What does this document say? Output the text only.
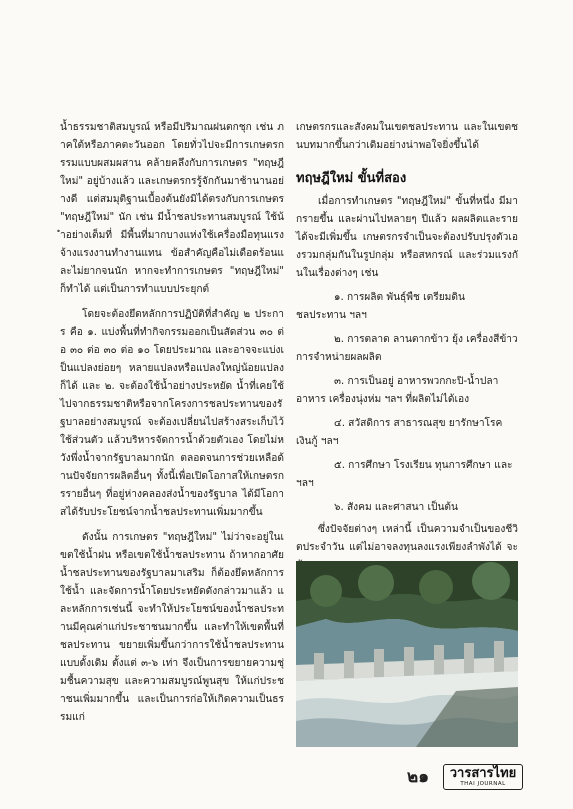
น้ำธรรมชาติสมบูรณ์ หรือมีปริมาณฝนตกชุก เช่น ภาคใต้หรือภาคตะวันออก โดยทั่วไปจะมีการเกษตรกรรมแบบผสมผสาน คล้ายคลึงกับการเกษตร "ทฤษฎีใหม่" อยู่บ้างแล้ว และเกษตรกรรู้จักกันมาช้านานอย่างดี แต่สมมุติฐานเบื้องต้นยังมิได้ตรงกับการเกษตร "ทฤษฎีใหม่" นัก เช่น มีน้ำชลประทานสมบูรณ์ ใช้น้ำอย่างเต็มที่ มีพื้นที่มากบางแห่งใช้เครื่องมือทุนแรง จ้างแรงงานทำงานแทน ข้อสำคัญคือไม่เดือดร้อนและไม่ยากจนนัก หากจะทำการเกษตร "ทฤษฎีใหม่" ก็ทำได้ แต่เป็นการทำแบบประยุกต์

โดยจะต้องยึดหลักการปฏิบัติที่สำคัญ ๒ ประการ คือ ๑. แบ่งพื้นที่ทำกิจกรรมออกเป็นสัดส่วน ๓๐ ต่อ ๓๐ ต่อ ๓๐ ต่อ ๑๐ โดยประมาณ และอาจจะแบ่งเป็นแปลงย่อยๆ หลายแปลงหรือแปลงใหญ่น้อยแปลงก็ได้ และ ๒. จะต้องใช้น้ำอย่างประหยัด น้ำที่เคยใช้ไปจากธรรมชาติหรือจากโครงการชลประทานของรัฐบาลอย่างสมบูรณ์ จะต้องเปลี่ยนไปสร้างสระเก็บไว้ใช้ส่วนตัว แล้วบริหารจัดการน้ำด้วยตัวเอง โดยไม่หวังพึ่งน้ำจากรัฐบาลมากนัก ตลอดจนการช่วยเหลือด้านปัจจัยการผลิตอื่นๆ ทั้งนี้เพื่อเปิดโอกาสให้เกษตรกรรายอื่นๆ ที่อยู่ห่างคลองส่งน้ำของรัฐบาล ได้มีโอกาสได้รับประโยชน์จากน้ำชลประทานเพิ่มมากขึ้น

ดังนั้น การเกษตร "ทฤษฎีใหม่" ไม่ว่าจะอยู่ในเขตใช้น้ำฝน หรือเขตใช้น้ำชลประทาน ถ้าหากอาศัยน้ำชลประทานของรัฐบาลมาเสริม ก็ต้องยึดหลักการใช้น้ำ และจัดการน้ำโดยประหยัดดังกล่าวมาแล้ว และหลักการเช่นนี้ จะทำให้ประโยชน์ของน้ำชลประทานมีคุณค่าแก่ประชาชนมากขึ้น และทำให้เขตพื้นที่ชลประทาน ขยายเพิ่มขึ้นกว่าการใช้น้ำชลประทานแบบดั้งเดิม ตั้งแต่ ๓-๖ เท่า จึงเป็นการขยายความชุ่มชื้นความสุข และความสมบูรณ์พูนสุข ให้แก่ประชาชนเพิ่มมากขึ้น และเป็นการก่อให้เกิดความเป็นธรรมแก่

เกษตรกรและสังคมในเขตชลประทาน และในเขตชนบทมากขึ้นกว่าเดิมอย่างน่าพอใจยิ่งขึ้นได้

ทฤษฎีใหม่ ขั้นที่สอง

เมื่อการทำเกษตร "ทฤษฎีใหม่" ขั้นที่หนึ่ง มีมากรายขึ้น และผ่านไปหลายๆ ปีแล้ว ผลผลิตและรายได้จะมีเพิ่มขึ้น เกษตรกรจำเป็นจะต้องปรับปรุงตัวเองรวมกลุ่มกันในรูปกลุ่ม หรือสหกรณ์ และร่วมแรงกันในเรื่องต่างๆ เช่น

๑. การผลิต พันธุ์พืช เตรียมดิน
ชลประทาน ฯลฯ

๒. การตลาด ลานตากข้าว ยุ้ง เครื่องสีข้าว
การจำหน่ายผลผลิต

๓. การเป็นอยู่ อาหารพวกกะปิ-น้ำปลา
อาหาร เครื่องนุ่งห่ม ฯลฯ ที่ผลิตไม่ได้เอง

๔. สวัสดิการ สาธารณสุข ยารักษาโรค
เงินกู้ ฯลฯ

๕. การศึกษา โรงเรียน ทุนการศึกษา และ
ฯลฯ

๖. สังคม และศาสนา เป็นต้น

ซึ่งปัจจัยต่างๆ เหล่านี้ เป็นความจำเป็นของชีวิตประจำวัน แต่ไม่อาจลงทุนลงแรงเพียงลำพังได้ จะ

๒๑	วารสารไทย
THAI JOURNAL
